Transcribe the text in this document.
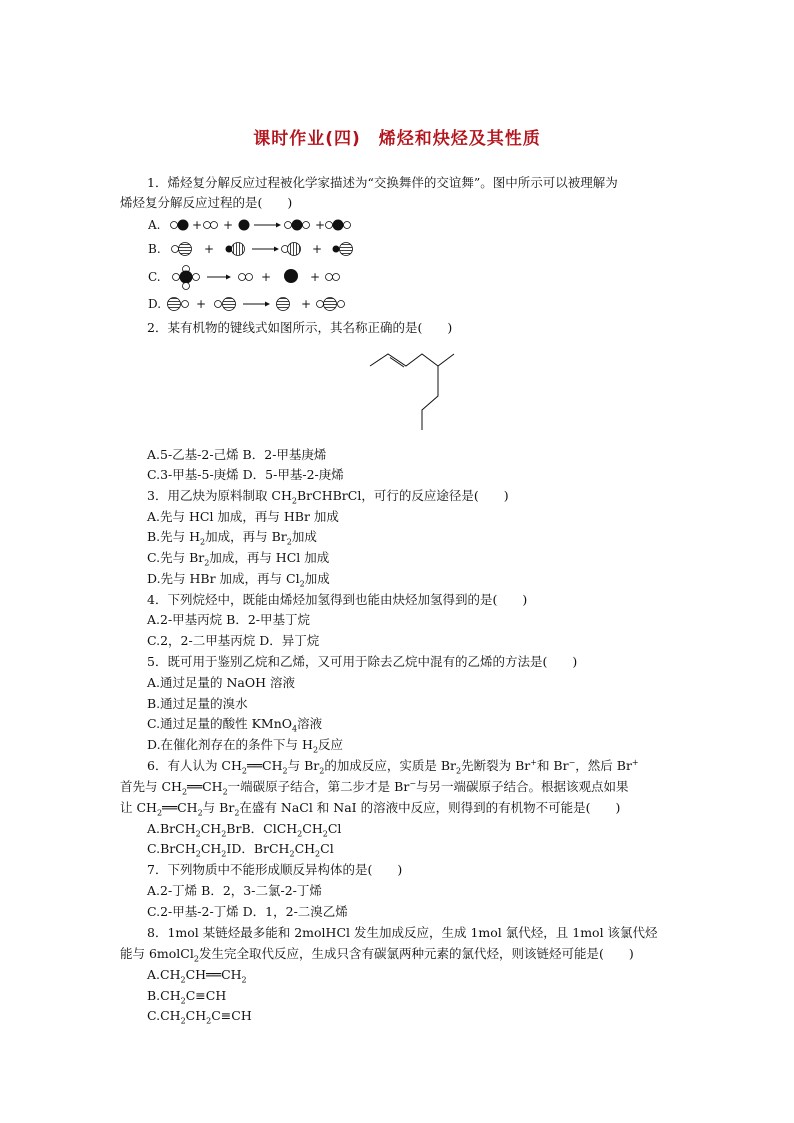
课时作业(四)　烯烃和炔烃及其性质
1．烯烃复分解反应过程被化学家描述为“交换舞伴的交谊舞”。图中所示可以被理解为
烯烃复分解反应过程的是(　　)
A.	+ +	+
B.	+	+
C.	+	+
D.	+	+
2．某有机物的键线式如图所示，其名称正确的是(　　)
A.5-乙基-2-己烯 B．2-甲基庚烯
C.3-甲基-5-庚烯 D．5-甲基-2-庚烯
3．用乙炔为原料制取 $CH_2BrCHBrCl$，可行的反应途径是(　　)
A.先与 HCl 加成，再与 HBr 加成
B.先与 $H_2$加成，再与 $Br_2$加成
C.先与 $Br_2$加成，再与 HCl 加成
D.先与 HBr 加成，再与 $Cl_2$加成
4．下列烷烃中，既能由烯烃加氢得到也能由炔烃加氢得到的是(　　)
A.2-甲基丙烷 B．2-甲基丁烷
C.2，2-二甲基丙烷 D．异丁烷
5．既可用于鉴别乙烷和乙烯，又可用于除去乙烷中混有的乙烯的方法是(　　)
A.通过足量的 NaOH 溶液
B.通过足量的溴水
C.通过足量的酸性 KMnO$_4$溶液
D.在催化剂存在的条件下与 $H_2$反应
6．有人认为 $CH_2══CH_2$与 $Br_2$的加成反应，实质是 $Br_2$先断裂为 Br+和 Br−，然后 Br+
首先与 $CH_2══CH_2$一端碳原子结合，第二步才是 Br−与另一端碳原子结合。根据该观点如果
让 $CH_2══CH_2$与 $Br_2$在盛有 NaCl 和 NaI 的溶液中反应，则得到的有机物不可能是(　　)
$A.BrCH_2CH_2BrB$．$ClCH_2CH_2Cl$
$C.BrCH_2CH_2ID$．$BrCH_2CH_2Cl$
7．下列物质中不能形成顺反异构体的是(　　)
A.2-丁烯 B．2，3-二氯-2-丁烯
C.2-甲基-2-丁烯 D．1，2-二溴乙烯
8．1mol 某链烃最多能和 2molHCl 发生加成反应，生成 1mol 氯代烃，且 1mol 该氯代烃
能与 6molCl$_2$发生完全取代反应，生成只含有碳氯两种元素的氯代烃，则该链烃可能是(　　)
$A.CH_2CH══CH_2$
$B.CH_2C\equiv CH$
$C.CH_2CH_2C\equiv CH$
